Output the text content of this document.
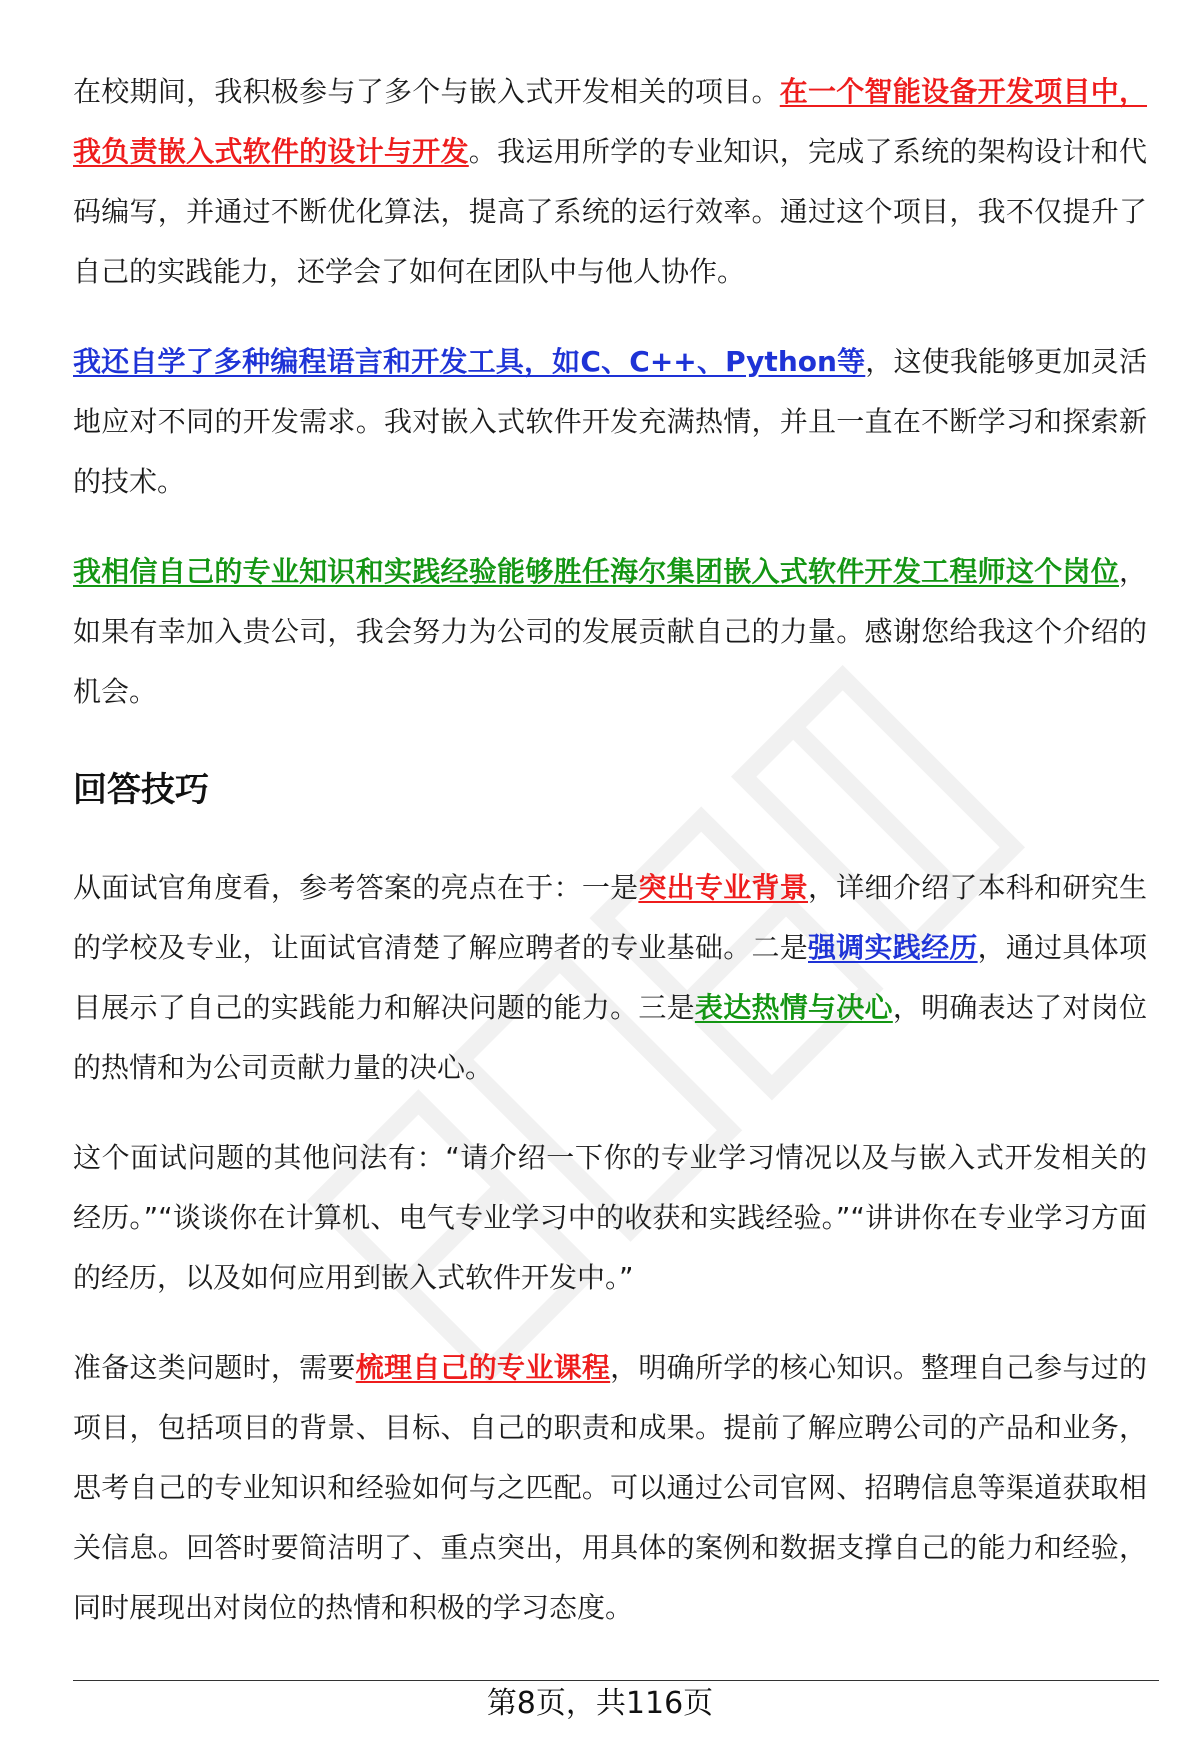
在校期间，我积极参与了多个与嵌入式开发相关的项目。在一个智能设备开发项目中，我负责嵌入式软件的设计与开发。我运用所学的专业知识，完成了系统的架构设计和代码编写，并通过不断优化算法，提高了系统的运行效率。通过这个项目，我不仅提升了自己的实践能力，还学会了如何在团队中与他人协作。

我还自学了多种编程语言和开发工具，如C、C++、Python等，这使我能够更加灵活地应对不同的开发需求。我对嵌入式软件开发充满热情，并且一直在不断学习和探索新的技术。

我相信自己的专业知识和实践经验能够胜任海尔集团嵌入式软件开发工程师这个岗位，如果有幸加入贵公司，我会努力为公司的发展贡献自己的力量。感谢您给我这个介绍的机会。

回答技巧

从面试官角度看，参考答案的亮点在于：一是突出专业背景，详细介绍了本科和研究生的学校及专业，让面试官清楚了解应聘者的专业基础。二是强调实践经历，通过具体项目展示了自己的实践能力和解决问题的能力。三是表达热情与决心，明确表达了对岗位的热情和为公司贡献力量的决心。

这个面试问题的其他问法有：“请介绍一下你的专业学习情况以及与嵌入式开发相关的经历。”“谈谈你在计算机、电气专业学习中的收获和实践经验。”“讲讲你在专业学习方面的经历，以及如何应用到嵌入式软件开发中。”

准备这类问题时，需要梳理自己的专业课程，明确所学的核心知识。整理自己参与过的项目，包括项目的背景、目标、自己的职责和成果。提前了解应聘公司的产品和业务，思考自己的专业知识和经验如何与之匹配。可以通过公司官网、招聘信息等渠道获取相关信息。回答时要简洁明了、重点突出，用具体的案例和数据支撑自己的能力和经验，同时展现出对岗位的热情和积极的学习态度。

第8页，共116页
